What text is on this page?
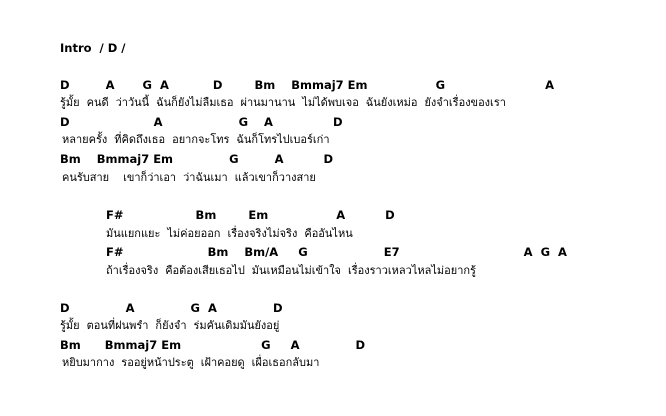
Intro  / D /
D         A       G  A           D        Bm    Bmmaj7 Em                 G                         A
รู้มั้ย  คนดี  ว่าวันนี้  ฉันก็ยังไม่ลืมเธอ  ผ่านมานาน  ไม่ได้พบเจอ  ฉันยังเหม่อ  ยังจำเรื่องของเรา
D                     A                   G    A               D
หลายครั้ง  ที่คิดถึงเธอ  อยากจะโทร  ฉันก็โทรไปเบอร์เก่า
Bm    Bmmaj7 Em              G         A          D
คนรับสาย    เขาก็ว่าเอา  ว่าฉันเมา  แล้วเขาก็วางสาย
F#                  Bm        Em                 A          D
มันแยกแยะ  ไม่ค่อยออก  เรื่องจริงไม่จริง  คืออันไหน
F#                     Bm    Bm/A     G                   E7                               A  G  A
ถ้าเรื่องจริง  คือต้องเสียเธอไป  มันเหมือนไม่เข้าใจ  เรื่องราวเหลวไหลไม่อยากรู้
D              A              G  A              D
รู้มั้ย  ตอนที่ฝนพรำ  ก็ยังจำ  ร่มคันเดิมมันยังอยู่
Bm      Bmmaj7 Em                    G     A              D
หยิบมากาง  รออยู่หน้าประตู  เฝ้าคอยดู  เผื่อเธอกลับมา
